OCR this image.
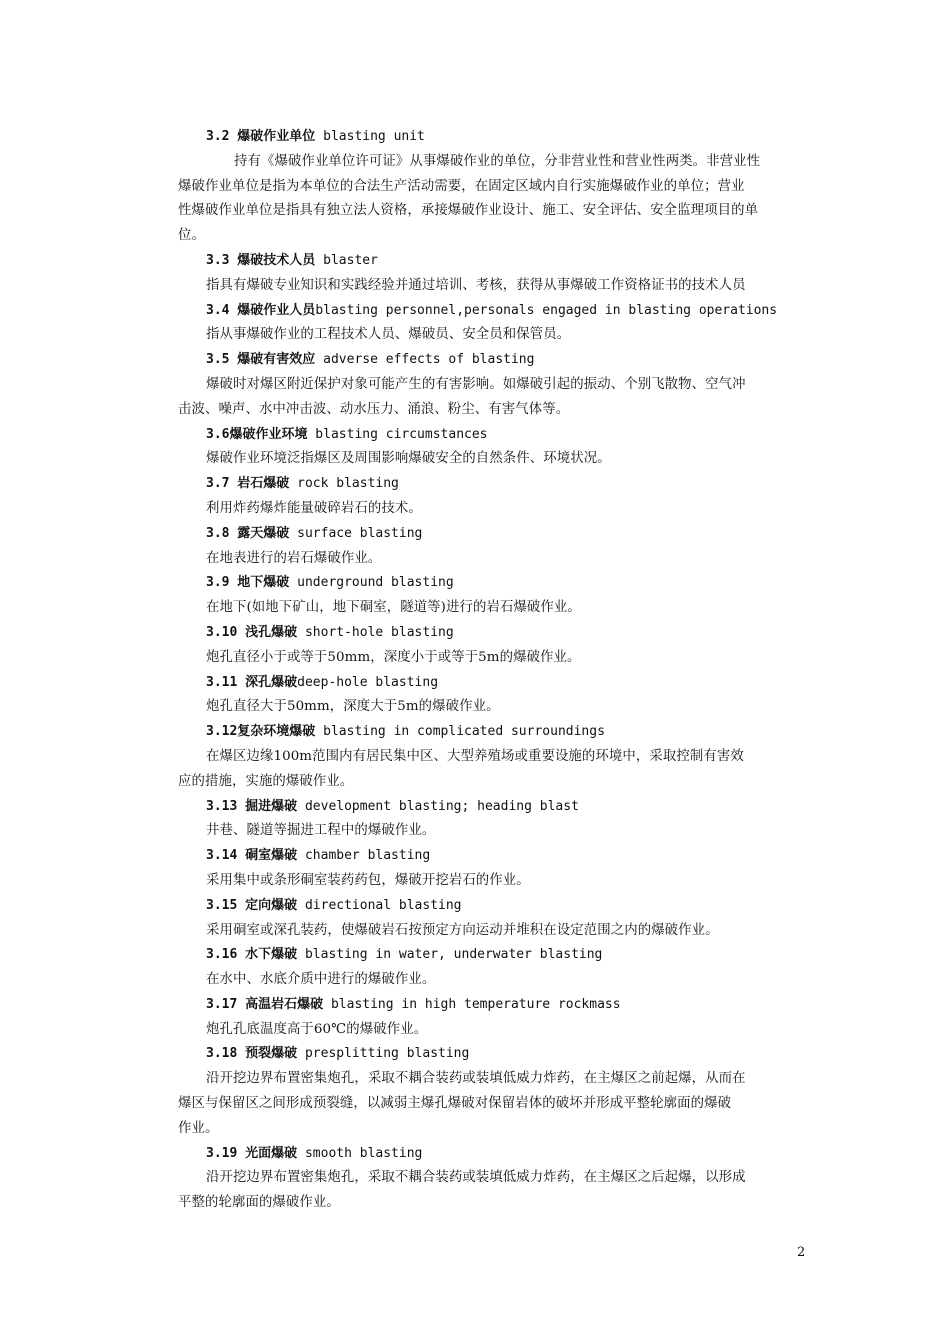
3.2 爆破作业单位 blasting unit
持有《爆破作业单位许可证》从事爆破作业的单位，分非营业性和营业性两类。非营业性
爆破作业单位是指为本单位的合法生产活动需要，在固定区域内自行实施爆破作业的单位；营业
性爆破作业单位是指具有独立法人资格，承接爆破作业设计、施工、安全评估、安全监理项目的单
位。
3.3 爆破技术人员 blaster
指具有爆破专业知识和实践经验并通过培训、考核，获得从事爆破工作资格证书的技术人员
3.4 爆破作业人员blasting personnel,personals engaged in blasting operations
指从事爆破作业的工程技术人员、爆破员、安全员和保管员。
3.5 爆破有害效应 adverse effects of blasting
爆破时对爆区附近保护对象可能产生的有害影响。如爆破引起的振动、个别飞散物、空气冲
击波、噪声、水中冲击波、动水压力、涌浪、粉尘、有害气体等。
3.6爆破作业环境 blasting circumstances
爆破作业环境泛指爆区及周围影响爆破安全的自然条件、环境状况。
3.7 岩石爆破 rock blasting
利用炸药爆炸能量破碎岩石的技术。
3.8 露天爆破 surface blasting
在地表进行的岩石爆破作业。
3.9 地下爆破 underground blasting
在地下(如地下矿山，地下硐室，隧道等)进行的岩石爆破作业。
3.10 浅孔爆破 short-hole blasting
炮孔直径小于或等于50mm，深度小于或等于5m的爆破作业。
3.11 深孔爆破deep-hole blasting
炮孔直径大于50mm，深度大于5m的爆破作业。
3.12复杂环境爆破 blasting in complicated surroundings
在爆区边缘100m范围内有居民集中区、大型养殖场或重要设施的环境中，采取控制有害效
应的措施，实施的爆破作业。
3.13 掘进爆破 development blasting; heading blast
井巷、隧道等掘进工程中的爆破作业。
3.14 硐室爆破 chamber blasting
采用集中或条形硐室装药药包，爆破开挖岩石的作业。
3.15 定向爆破 directional blasting
采用硐室或深孔装药，使爆破岩石按预定方向运动并堆积在设定范围之内的爆破作业。
3.16 水下爆破 blasting in water, underwater blasting
在水中、水底介质中进行的爆破作业。
3.17 高温岩石爆破 blasting in high temperature rockmass
炮孔孔底温度高于60℃的爆破作业。
3.18 预裂爆破 presplitting blasting
沿开挖边界布置密集炮孔，采取不耦合装药或装填低威力炸药，在主爆区之前起爆，从而在
爆区与保留区之间形成预裂缝，以减弱主爆孔爆破对保留岩体的破坏并形成平整轮廓面的爆破
作业。
3.19 光面爆破 smooth blasting
沿开挖边界布置密集炮孔，采取不耦合装药或装填低威力炸药，在主爆区之后起爆，以形成
平整的轮廓面的爆破作业。
2
